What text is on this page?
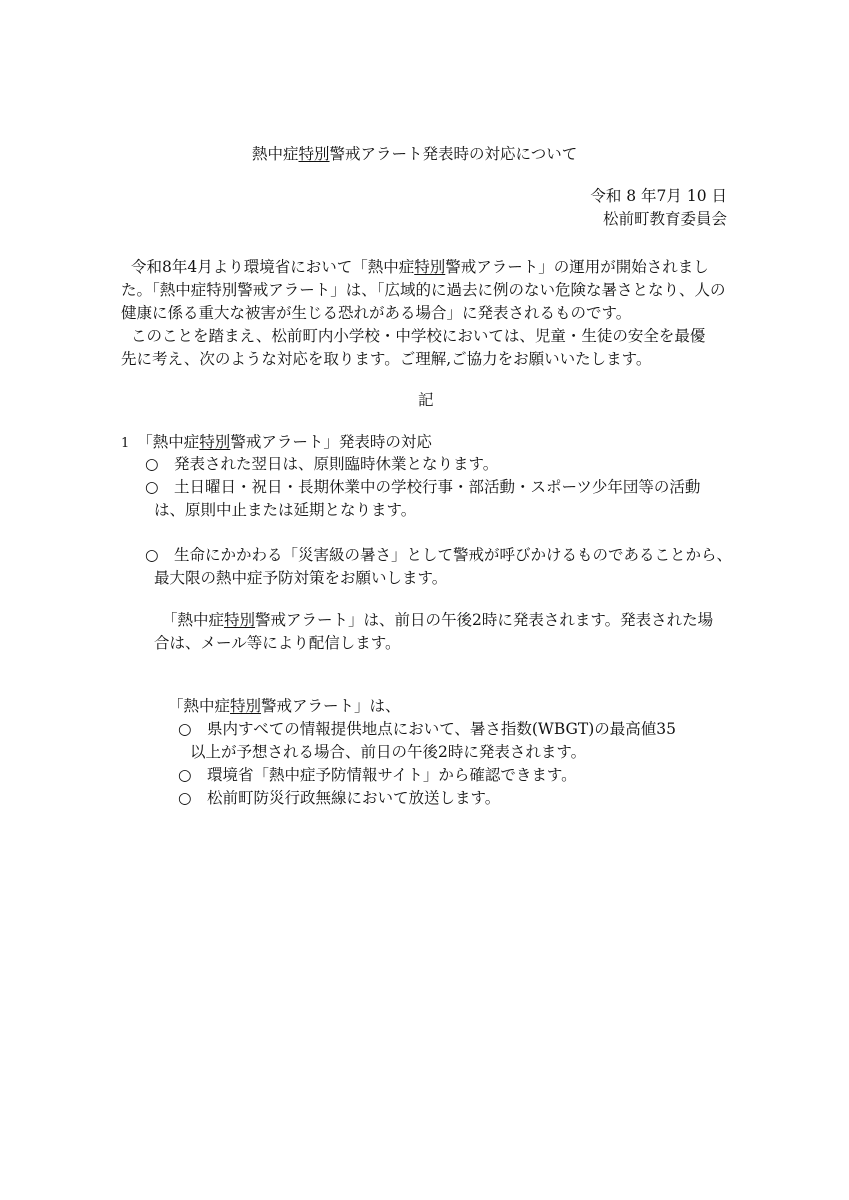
熱中症特別警戒アラート発表時の対応について
令和 8 年7月 10 日
松前町教育委員会
令和8年4月より環境省において「熱中症特別警戒アラート」の運用が開始されまし
た。「熱中症特別警戒アラート」は、「広域的に過去に例のない危険な暑さとなり、人の
健康に係る重大な被害が生じる恐れがある場合」に発表されるものです。
このことを踏まえ、松前町内小学校・中学校においては、児童・生徒の安全を最優
先に考え、次のような対応を取ります。ご理解,ご協力をお願いいたします。
記
1 「熱中症特別警戒アラート」発表時の対応
○ 発表された翌日は、原則臨時休業となります。
○ 土日曜日・祝日・長期休業中の学校行事・部活動・スポーツ少年団等の活動
は、原則中止または延期となります。
○ 生命にかかわる「災害級の暑さ」として警戒が呼びかけるものであることから、
最大限の熱中症予防対策をお願いします。
「熱中症特別警戒アラート」は、前日の午後2時に発表されます。発表された場
合は、メール等により配信します。
「熱中症特別警戒アラート」は、
○ 県内すべての情報提供地点において、暑さ指数(WBGT)の最高値35
以上が予想される場合、前日の午後2時に発表されます。
○ 環境省「熱中症予防情報サイト」から確認できます。
○ 松前町防災行政無線において放送します。
